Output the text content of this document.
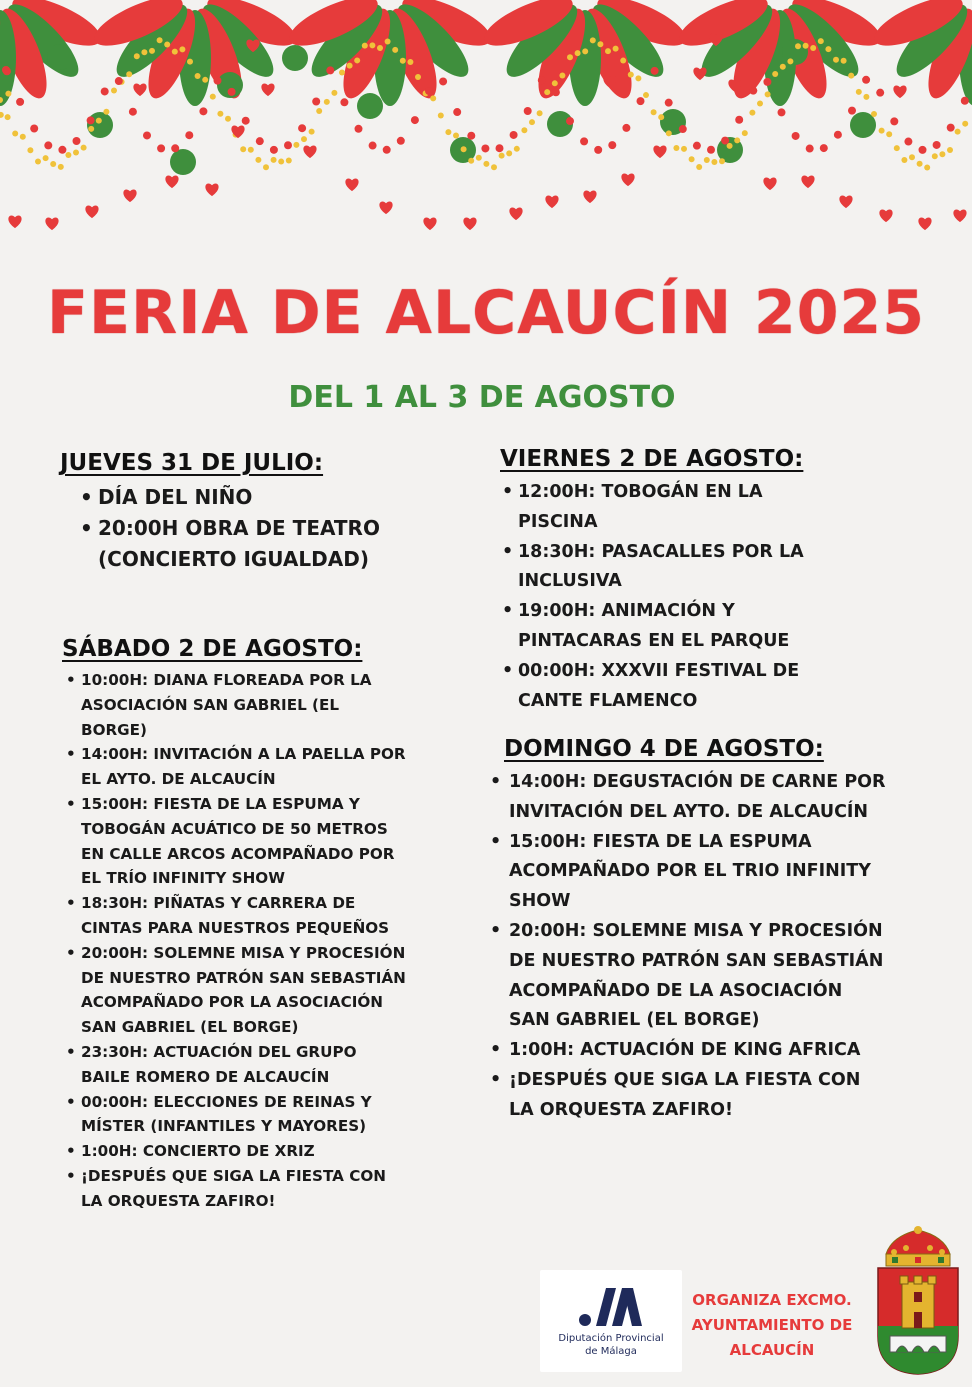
FERIA DE ALCAUCÍN 2025
DEL 1 AL 3 DE AGOSTO
JUEVES 31 DE JULIO:
• DÍA DEL NIÑO
• 20:00H OBRA DE TEATRO (CONCIERTO IGUALDAD)
SÁBADO 2 DE AGOSTO:
• 10:00H: DIANA FLOREADA POR LA ASOCIACIÓN SAN GABRIEL (EL BORGE)
• 14:00H: INVITACIÓN A LA PAELLA POR EL AYTO. DE ALCAUCÍN
• 15:00H: FIESTA DE LA ESPUMA Y TOBOGÁN ACUÁTICO DE 50 METROS EN CALLE ARCOS ACOMPAÑADO POR EL TRÍO INFINITY SHOW
• 18:30H: PIÑATAS Y CARRERA DE CINTAS PARA NUESTROS PEQUEÑOS
• 20:00H: SOLEMNE MISA Y PROCESIÓN DE NUESTRO PATRÓN SAN SEBASTIÁN ACOMPAÑADO POR LA ASOCIACIÓN SAN GABRIEL (EL BORGE)
• 23:30H: ACTUACIÓN DEL GRUPO BAILE ROMERO DE ALCAUCÍN
• 00:00H: ELECCIONES DE REINAS Y MÍSTER (INFANTILES Y MAYORES)
• 1:00H: CONCIERTO DE XRIZ
• ¡DESPUÉS QUE SIGA LA FIESTA CON LA ORQUESTA ZAFIRO!
VIERNES 2 DE AGOSTO:
• 12:00H: TOBOGÁN EN LA PISCINA
• 18:30H: PASACALLES POR LA INCLUSIVA
• 19:00H: ANIMACIÓN Y PINTACARAS EN EL PARQUE
• 00:00H: XXXVII FESTIVAL DE CANTE FLAMENCO
DOMINGO 4 DE AGOSTO:
• 14:00H: DEGUSTACIÓN DE CARNE POR INVITACIÓN DEL AYTO. DE ALCAUCÍN
• 15:00H: FIESTA DE LA ESPUMA ACOMPAÑADO POR EL TRIO INFINITY SHOW
• 20:00H: SOLEMNE MISA Y PROCESIÓN DE NUESTRO PATRÓN SAN SEBASTIÁN ACOMPAÑADO DE LA ASOCIACIÓN SAN GABRIEL (EL BORGE)
• 1:00H: ACTUACIÓN DE KING AFRICA
• ¡DESPUÉS QUE SIGA LA FIESTA CON LA ORQUESTA ZAFIRO!
Diputación Provincial
de Málaga
ORGANIZA EXCMO. AYUNTAMIENTO DE ALCAUCÍN
